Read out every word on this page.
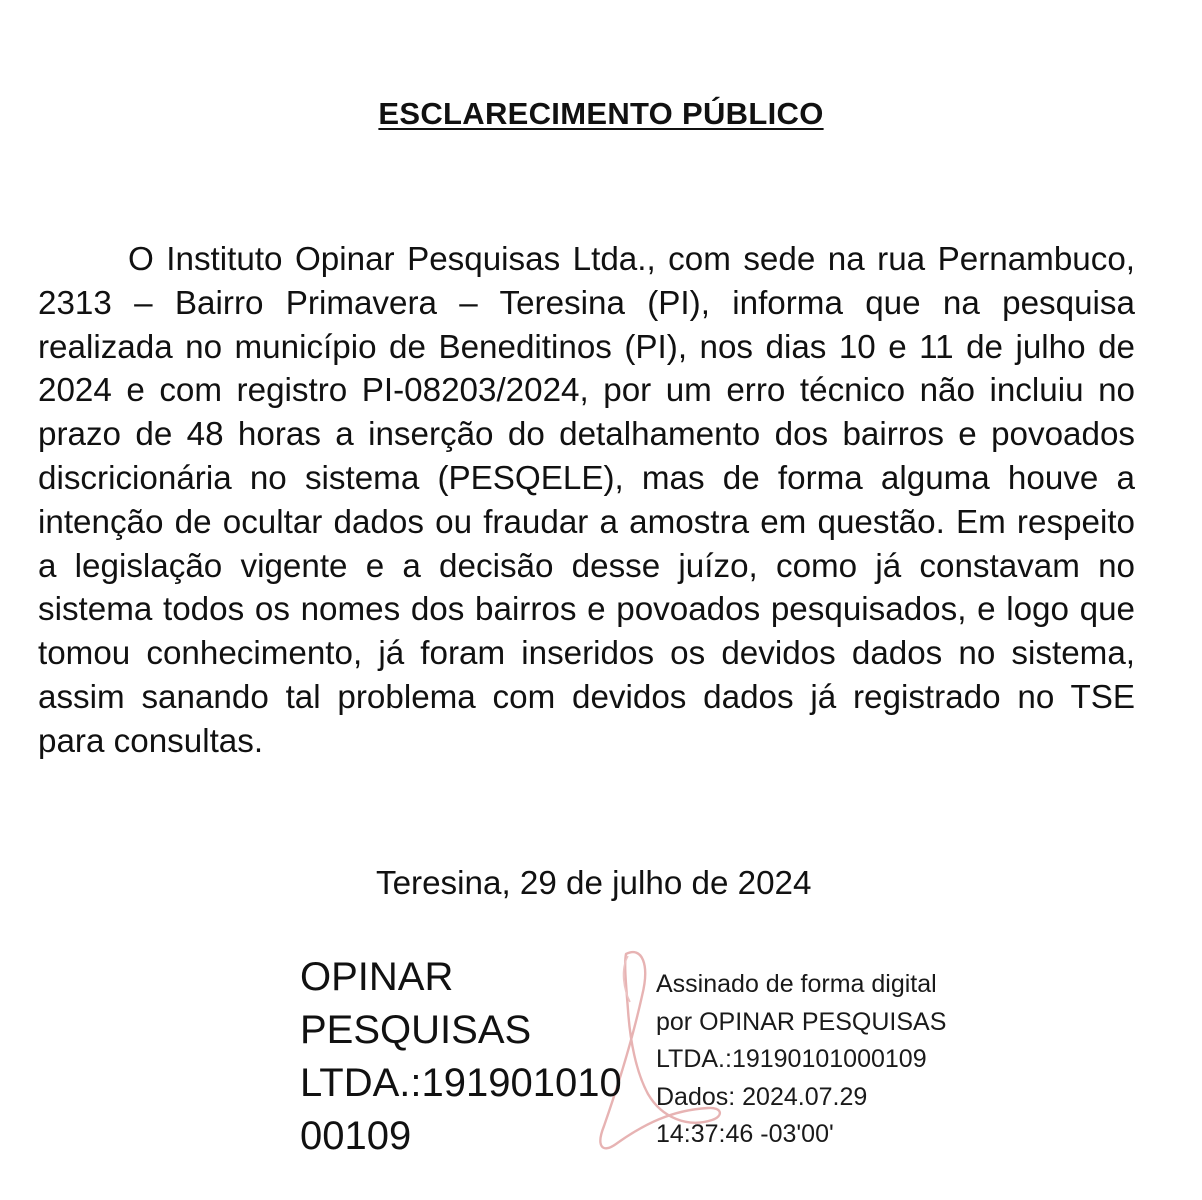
ESCLARECIMENTO PÚBLICO

O Instituto Opinar Pesquisas Ltda., com sede na rua Pernambuco, 2313 – Bairro Primavera – Teresina (PI), informa que na pesquisa realizada no município de Beneditinos (PI), nos dias 10 e 11 de julho de 2024 e com registro PI-08203/2024, por um erro técnico não incluiu no prazo de 48 horas a inserção do detalhamento dos bairros e povoados discricionária no sistema (PESQELE), mas de forma alguma houve a intenção de ocultar dados ou fraudar a amostra em questão. Em respeito a legislação vigente e a decisão desse juízo, como já constavam no sistema todos os nomes dos bairros e povoados pesquisados, e logo que tomou conhecimento, já foram inseridos os devidos dados no sistema, assim sanando tal problema com devidos dados já registrado no TSE para consultas.

Teresina, 29 de julho de 2024
OPINAR
PESQUISAS
LTDA.:191901010
00109
Assinado de forma digital
por OPINAR PESQUISAS
LTDA.:19190101000109
Dados: 2024.07.29
14:37:46 -03'00'
